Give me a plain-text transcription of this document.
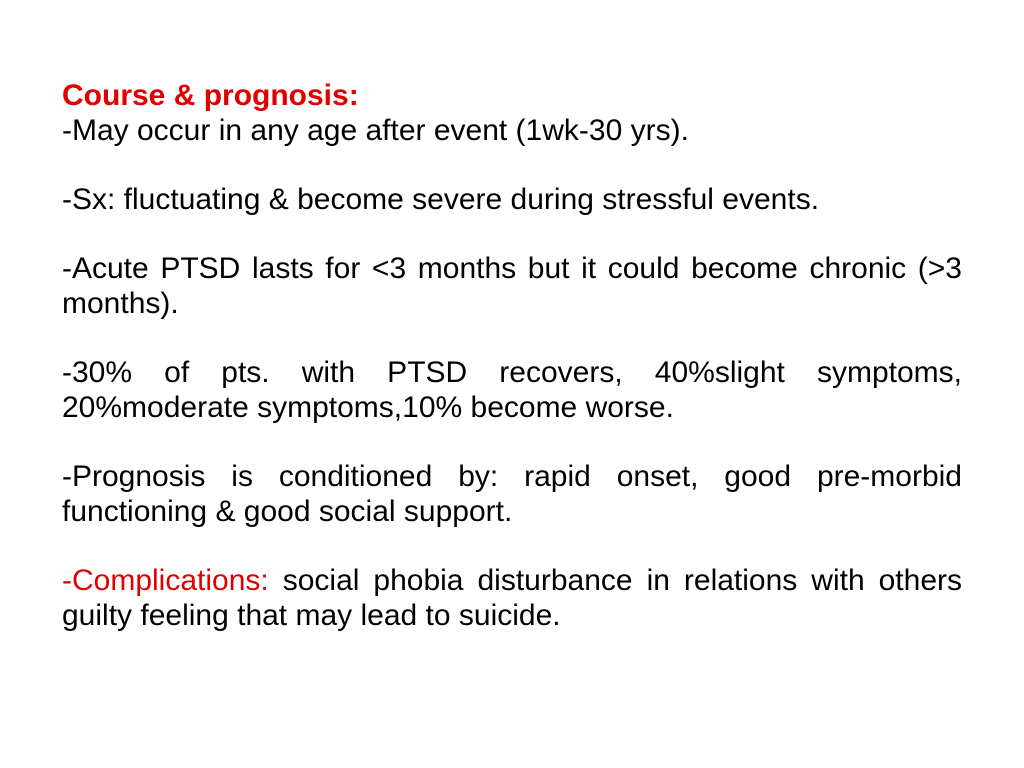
Course & prognosis:
-May occur in any age after event (1wk-30 yrs).

-Sx: fluctuating & become severe during stressful events.

-Acute PTSD lasts for <3 months but it could become chronic (>3 months).

-30% of pts. with PTSD recovers, 40%slight symptoms, 20%moderate symptoms,10% become worse.

-Prognosis is conditioned by: rapid onset, good pre-morbid functioning & good social support.

-Complications: social phobia disturbance in relations with others guilty feeling that may lead to suicide.
